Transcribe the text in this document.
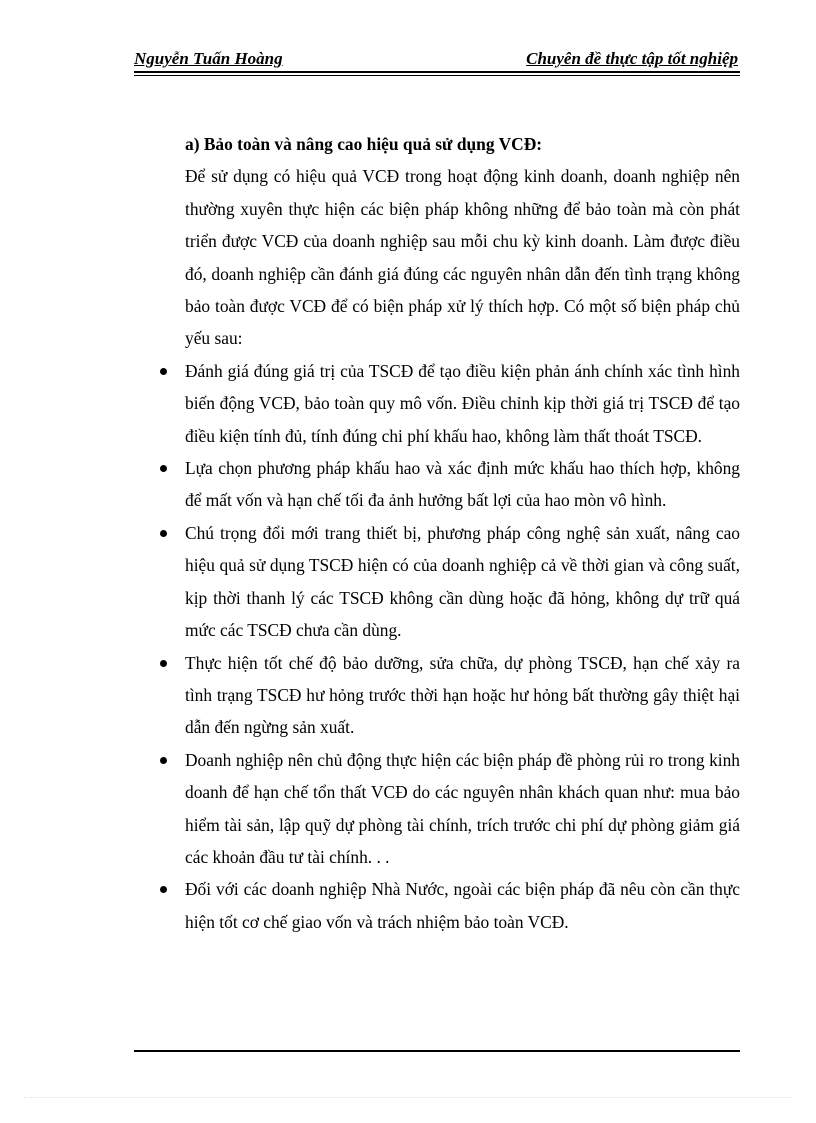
Nguyễn Tuấn Hoàng	Chuyên đề thực tập tốt nghiệp

a) Bảo toàn và nâng cao hiệu quả sử dụng VCĐ:

Để sử dụng có hiệu quả VCĐ trong hoạt động kinh doanh, doanh nghiệp nên thường xuyên thực hiện các biện pháp không những để bảo toàn mà còn phát triển được VCĐ của doanh nghiệp sau mỗi chu kỳ kinh doanh. Làm được điều đó, doanh nghiệp cần đánh giá đúng các nguyên nhân dẫn đến tình trạng không bảo toàn được VCĐ để có biện pháp xử lý thích hợp. Có một số biện pháp chủ yếu sau:

Đánh giá đúng giá trị của TSCĐ để tạo điều kiện phản ánh chính xác tình hình biến động VCĐ, bảo toàn quy mô vốn. Điều chỉnh kịp thời giá trị TSCĐ để tạo điều kiện tính đủ, tính đúng chi phí khấu hao, không làm thất thoát TSCĐ.
Lựa chọn phương pháp khấu hao và xác định mức khấu hao thích hợp, không để mất vốn và hạn chế tối đa ảnh hưởng bất lợi của hao mòn vô hình.
Chú trọng đổi mới trang thiết bị, phương pháp công nghệ sản xuất, nâng cao hiệu quả sử dụng TSCĐ hiện có của doanh nghiệp cả về thời gian và công suất, kịp thời thanh lý các TSCĐ không cần dùng hoặc đã hỏng, không dự trữ quá mức các TSCĐ chưa cần dùng.
Thực hiện tốt chế độ bảo dưỡng, sửa chữa, dự phòng TSCĐ, hạn chế xảy ra tình trạng TSCĐ hư hỏng trước thời hạn hoặc hư hỏng bất thường gây thiệt hại dẫn đến ngừng sản xuất.
Doanh nghiệp nên chủ động thực hiện các biện pháp đề phòng rủi ro trong kinh doanh để hạn chế tổn thất VCĐ do các nguyên nhân khách quan như: mua bảo hiểm tài sản, lập quỹ dự phòng tài chính, trích trước chi phí dự phòng giảm giá các khoản đầu tư tài chính. . .
Đối với các doanh nghiệp Nhà Nước, ngoài các biện pháp đã nêu còn cần thực hiện tốt cơ chế giao vốn và trách nhiệm bảo toàn VCĐ.
